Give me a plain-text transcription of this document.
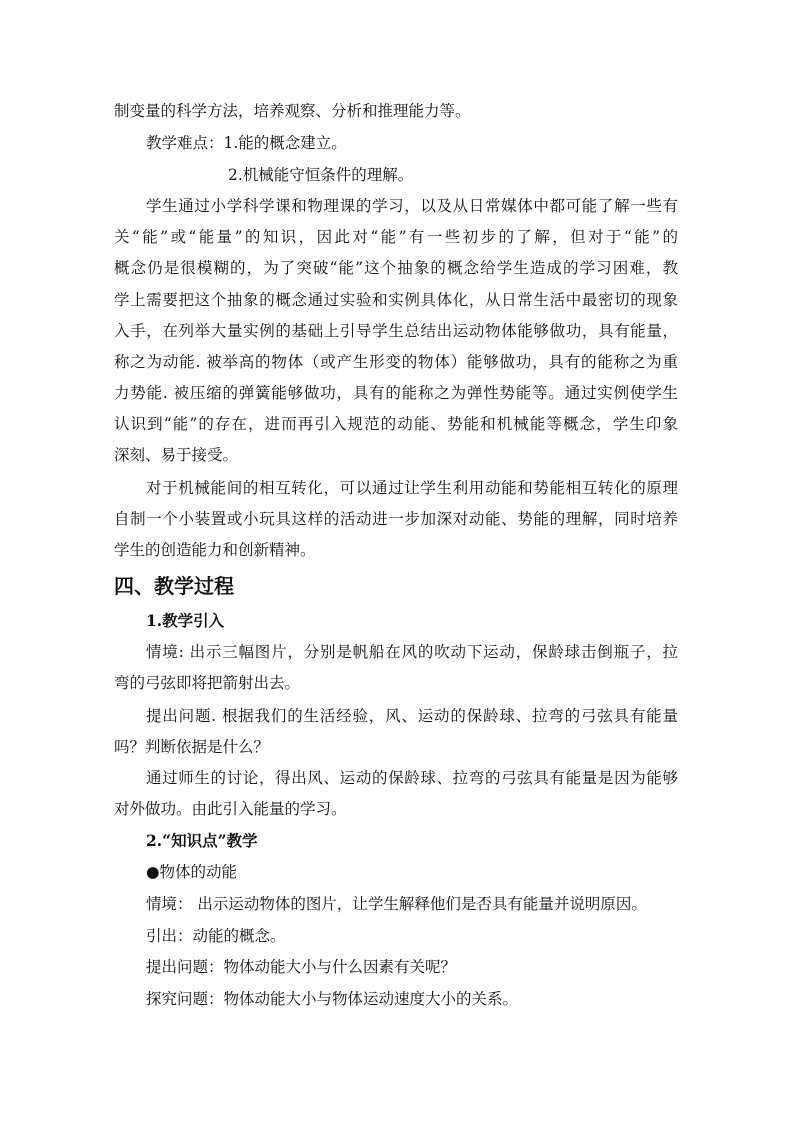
制变量的科学方法，培养观察、分析和推理能力等。
教学难点：1.能的概念建立。
2.机械能守恒条件的理解。
学生通过小学科学课和物理课的学习，以及从日常媒体中都可能了解一些有
关“能”或“能量”的知识，因此对“能”有一些初步的了解，但对于“能”的
概念仍是很模糊的，为了突破“能”这个抽象的概念给学生造成的学习困难，教
学上需要把这个抽象的概念通过实验和实例具体化，从日常生活中最密切的现象
入手，在列举大量实例的基础上引导学生总结出运动物体能够做功，具有能量，
称之为动能. 被举高的物体（或产生形变的物体）能够做功，具有的能称之为重
力势能. 被压缩的弹簧能够做功，具有的能称之为弹性势能等。通过实例使学生
认识到“能”的存在，进而再引入规范的动能、势能和机械能等概念，学生印象
深刻、易于接受。
对于机械能间的相互转化，可以通过让学生利用动能和势能相互转化的原理
自制一个小装置或小玩具这样的活动进一步加深对动能、势能的理解，同时培养
学生的创造能力和创新精神。
四、教学过程
1.教学引入
情境: 出示三幅图片，分别是帆船在风的吹动下运动，保龄球击倒瓶子，拉
弯的弓弦即将把箭射出去。
提出问题. 根据我们的生活经验，风、运动的保龄球、拉弯的弓弦具有能量
吗？判断依据是什么？
通过师生的讨论，得出风、运动的保龄球、拉弯的弓弦具有能量是因为能够
对外做功。由此引入能量的学习。
2.“知识点”教学
●物体的动能
情境： 出示运动物体的图片，让学生解释他们是否具有能量并说明原因。
引出：动能的概念。
提出问题：物体动能大小与什么因素有关呢？
探究问题：物体动能大小与物体运动速度大小的关系。
